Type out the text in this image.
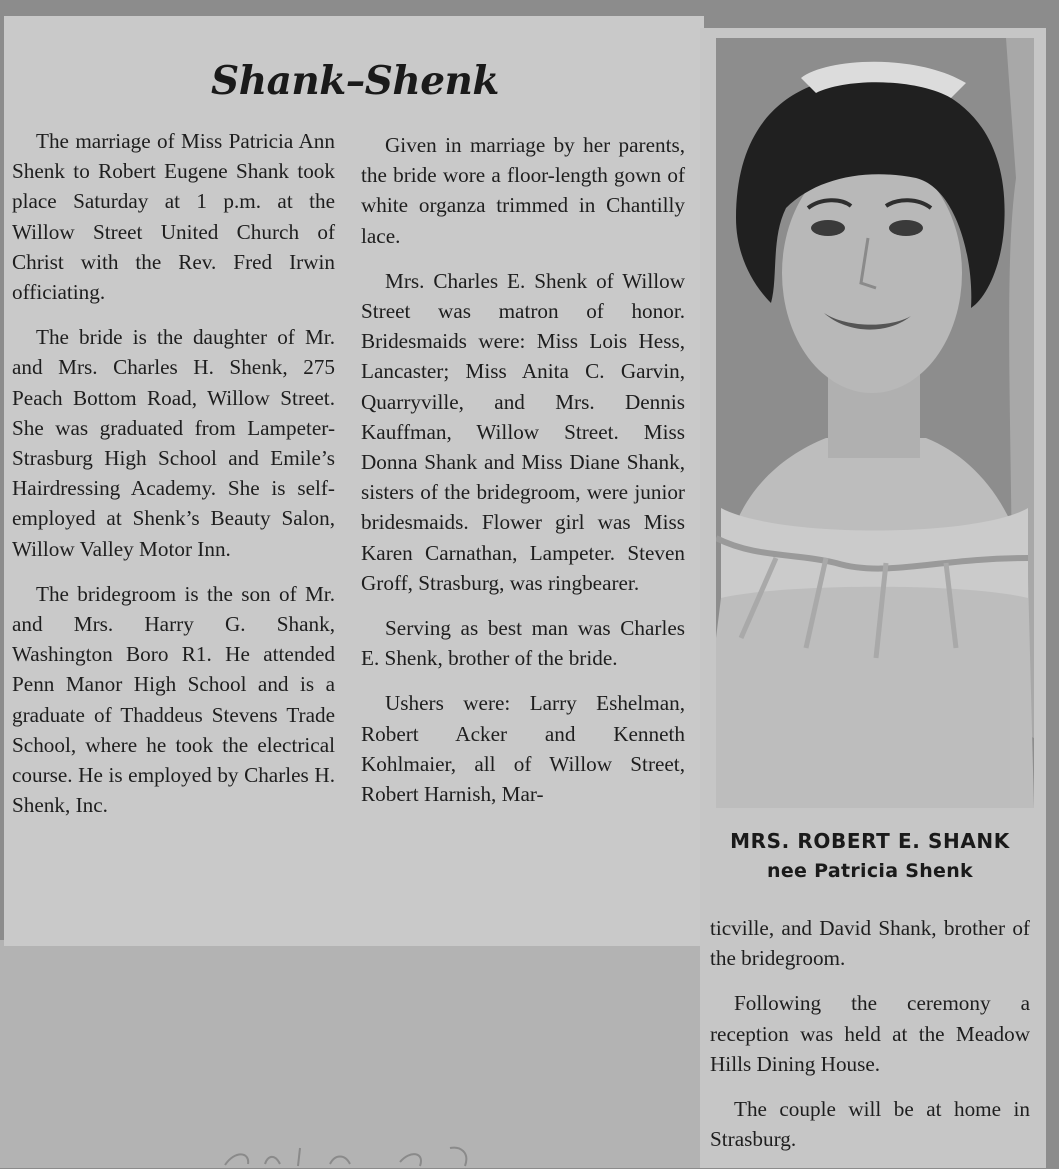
Shank–Shenk

The marriage of Miss Patricia Ann Shenk to Robert Eugene Shank took place Saturday at 1 p.m. at the Willow Street United Church of Christ with the Rev. Fred Irwin officiating.

The bride is the daughter of Mr. and Mrs. Charles H. Shenk, 275 Peach Bottom Road, Willow Street. She was graduated from Lampeter-Strasburg High School and Emile’s Hairdressing Academy. She is self-employed at Shenk’s Beauty Salon, Willow Valley Motor Inn.

The bridegroom is the son of Mr. and Mrs. Harry G. Shank, Washington Boro R1. He attended Penn Manor High School and is a graduate of Thaddeus Stevens Trade School, where he took the electrical course. He is employed by Charles H. Shenk, Inc.

Given in marriage by her parents, the bride wore a floor-length gown of white organza trimmed in Chantilly lace.

Mrs. Charles E. Shenk of Willow Street was matron of honor. Bridesmaids were: Miss Lois Hess, Lancaster; Miss Anita C. Garvin, Quarryville, and Mrs. Dennis Kauffman, Willow Street. Miss Donna Shank and Miss Diane Shank, sisters of the bridegroom, were junior bridesmaids. Flower girl was Miss Karen Carnathan, Lampeter. Steven Groff, Strasburg, was ringbearer.

Serving as best man was Charles E. Shenk, brother of the bride.

Ushers were: Larry Eshelman, Robert Acker and Kenneth Kohlmaier, all of Willow Street, Robert Harnish, Mar-

MRS. ROBERT E. SHANK
nee Patricia Shenk

ticville, and David Shank, brother of the bridegroom.

Following the ceremony a reception was held at the Meadow Hills Dining House.

The couple will be at home in Strasburg.
